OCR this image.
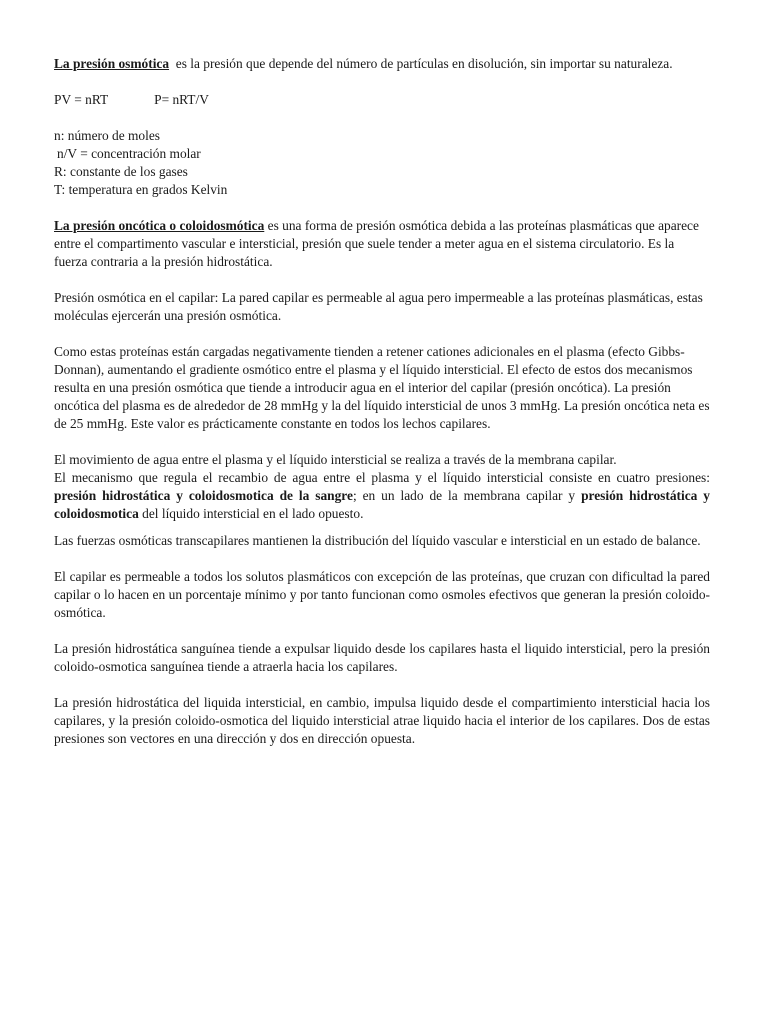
La presión osmótica  es la presión que depende del número de partículas en disolución, sin importar su naturaleza.

PV = nRT	P= nRT/V

n: número de moles

n/V = concentración molar

R: constante de los gases

T: temperatura en grados Kelvin

La presión oncótica o coloidosmótica es una forma de presión osmótica debida a las proteínas plasmáticas que aparece entre el compartimento vascular e intersticial, presión que suele tender a meter agua en el sistema circulatorio. Es la fuerza contraria a la presión hidrostática.

Presión osmótica en el capilar: La pared capilar es permeable al agua pero impermeable a las proteínas plasmáticas, estas moléculas ejercerán una presión osmótica.

Como estas proteínas están cargadas negativamente tienden a retener cationes adicionales en el plasma (efecto Gibbs-Donnan), aumentando el gradiente osmótico entre el plasma y el líquido intersticial. El efecto de estos dos mecanismos resulta en una presión osmótica que tiende a introducir agua en el interior del capilar (presión oncótica). La presión oncótica del plasma es de alrededor de 28 mmHg y la del líquido intersticial de unos 3 mmHg. La presión oncótica neta es de 25 mmHg. Este valor es prácticamente constante en todos los lechos capilares.

El movimiento de agua entre el plasma y el líquido intersticial se realiza a través de la membrana capilar.

El mecanismo que regula el recambio de agua entre el plasma y el líquido intersticial consiste en cuatro presiones: presión hidrostática y coloidosmotica de la sangre; en un lado de la membrana capilar y presión hidrostática y coloidosmotica del líquido intersticial en el lado opuesto.

Las fuerzas osmóticas transcapilares mantienen la distribución del líquido vascular e intersticial en un estado de balance.

El capilar es permeable a todos los solutos plasmáticos con excepción de las proteínas, que cruzan con dificultad la pared capilar o lo hacen en un porcentaje mínimo y por tanto funcionan como osmoles efectivos que generan la presión coloido-osmótica.

La presión hidrostática sanguínea tiende a expulsar liquido desde los capilares hasta el liquido intersticial, pero la presión coloido-osmotica sanguínea tiende a atraerla hacia los capilares.

La presión hidrostática del liquida intersticial, en cambio, impulsa liquido desde el compartimiento intersticial hacia los capilares, y la presión coloido-osmotica del liquido intersticial atrae liquido hacia el interior de los capilares. Dos de estas presiones son vectores en una dirección y dos en dirección opuesta.
